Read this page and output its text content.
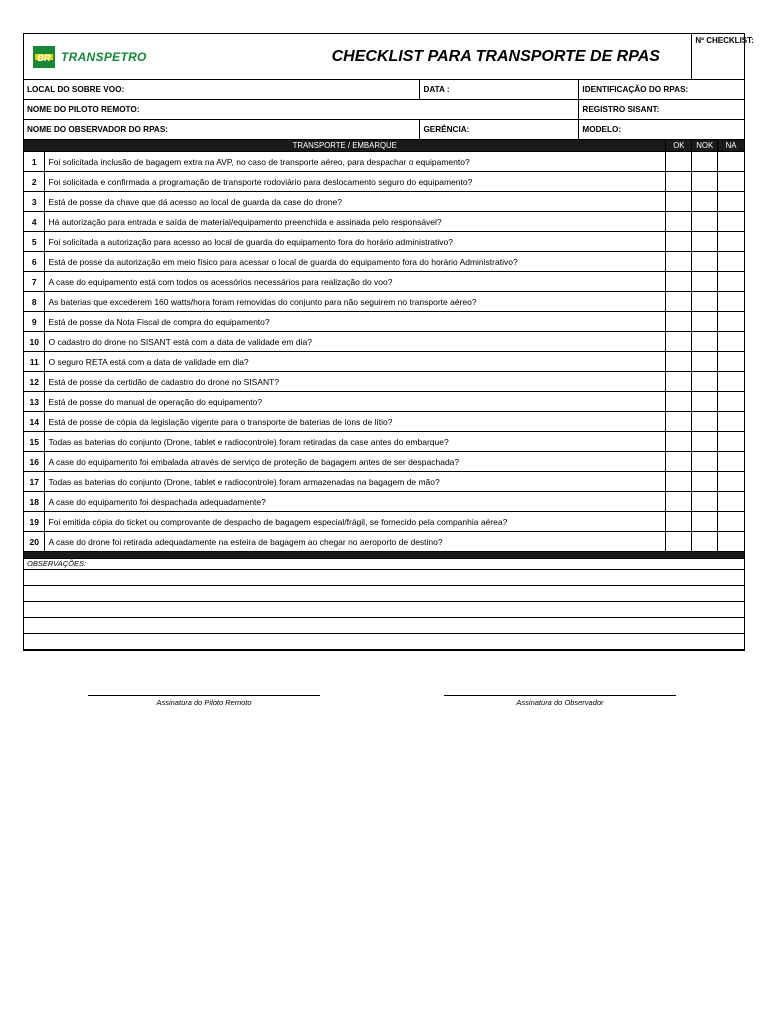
BR TRANSPETRO		CHECKLIST PARA TRANSPORTE DE RPAS				Nº CHECKLIST:	
LOCAL DO SOBRE VOO:			DATA :	IDENTIFICAÇÃO DO RPAS:			
NOME DO PILOTO REMOTO:				REGISTRO SISANT:			
NOME DO OBSERVADOR DO RPAS:			GERÊNCIA:	MODELO:			
TRANSPORTE / EMBARQUE					OK	NOK	NA
1	Foi solicitada inclusão de bagagem extra na AVP, no caso de transporte aéreo, para despachar o equipamento?						
2	Foi solicitada e confirmada a programação de transporte rodoviário para deslocamento seguro do equipamento?						
3	Está de posse da chave que dá acesso ao local de guarda da case do drone?						
4	Há autorização para entrada e saída de material/equipamento preenchida e assinada pelo responsável?						
5	Foi solicitada a autorização para acesso ao local de guarda do equipamento fora do horário administrativo?						
6	Está de posse da autorização em meio físico para acessar o local de guarda do equipamento fora do horário Administrativo?						
7	A case do equipamento está com todos os acessórios necessários para realização do voo?						
8	As baterias que excederem 160 watts/hora foram removidas do conjunto para não seguirem no transporte aéreo?						
9	Está de posse da Nota Fiscal de compra do equipamento?						
10	O cadastro do drone no SISANT está com a data de validade em dia?						
11	O seguro RETA está com a data de validade em dia?						
12	Está de posse da certidão de cadastro do drone no SISANT?						
13	Está de posse do manual de operação do equipamento?						
14	Está de posse de cópia da legislação vigente para o transporte de baterias de íons de lítio?						
15	Todas as baterias do conjunto (Drone, tablet e radiocontrole) foram retiradas da case antes do embarque?						
16	A case do equipamento foi embalada através de serviço de proteção de bagagem antes de ser despachada?						
17	Todas as baterias do conjunto (Drone, tablet e radiocontrole) foram armazenadas na bagagem de mão?						
18	A case do equipamento foi despachada adequadamente?						
19	Foi emitida cópia do ticket ou comprovante de despacho de bagagem especial/frágil, se fornecido pela companhia aérea?						
20	A case do drone foi retirada adequadamente na esteira de bagagem ao chegar no aeroporto de destino?						

OBSERVAÇÕES:							

Assinatura do Piloto Remoto	Assinatura do Observador
